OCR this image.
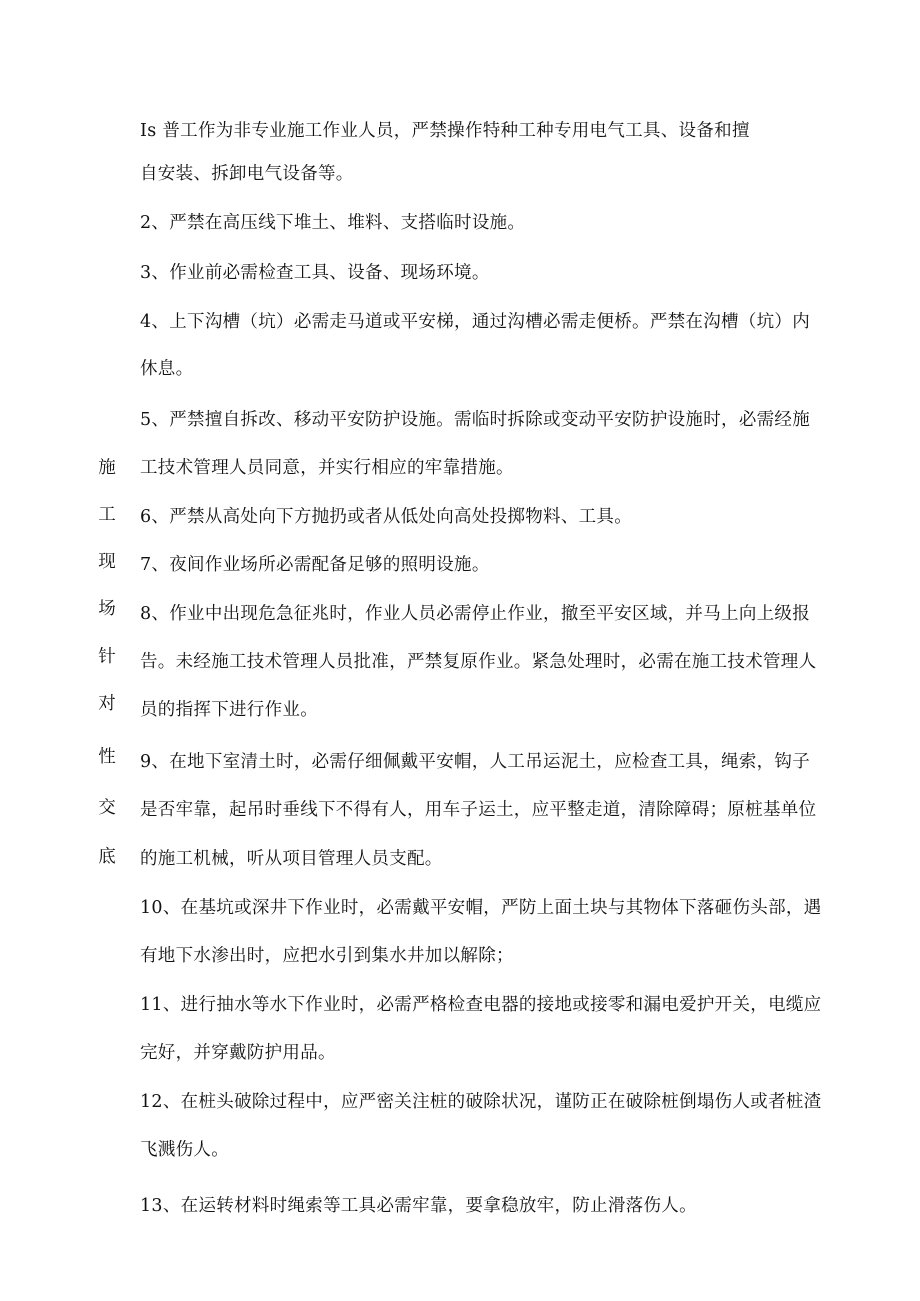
施
工
现
场
针
对
性
交
底
Is 普工作为非专业施工作业人员，严禁操作特种工种专用电气工具、设备和擅
自安装、拆卸电气设备等。
2、严禁在高压线下堆土、堆料、支搭临时设施。
3、作业前必需检查工具、设备、现场环境。
4、上下沟槽（坑）必需走马道或平安梯，通过沟槽必需走便桥。严禁在沟槽（坑）内
休息。
5、严禁擅自拆改、移动平安防护设施。需临时拆除或变动平安防护设施时，必需经施
工技术管理人员同意，并实行相应的牢靠措施。
6、严禁从高处向下方抛扔或者从低处向高处投掷物料、工具。
7、夜间作业场所必需配备足够的照明设施。
8、作业中出现危急征兆时，作业人员必需停止作业，撤至平安区域，并马上向上级报
告。未经施工技术管理人员批准，严禁复原作业。紧急处理时，必需在施工技术管理人
员的指挥下进行作业。
9、在地下室清土时，必需仔细佩戴平安帽，人工吊运泥土，应检查工具，绳索，钩子
是否牢靠，起吊时垂线下不得有人，用车子运土，应平整走道，清除障碍；原桩基单位
的施工机械，听从项目管理人员支配。
10、在基坑或深井下作业时，必需戴平安帽，严防上面土块与其物体下落砸伤头部，遇
有地下水渗出时，应把水引到集水井加以解除；
11、进行抽水等水下作业时，必需严格检查电器的接地或接零和漏电爱护开关，电缆应
完好，并穿戴防护用品。
12、在桩头破除过程中，应严密关注桩的破除状况，谨防正在破除桩倒塌伤人或者桩渣
飞溅伤人。
13、在运转材料时绳索等工具必需牢靠，要拿稳放牢，防止滑落伤人。
